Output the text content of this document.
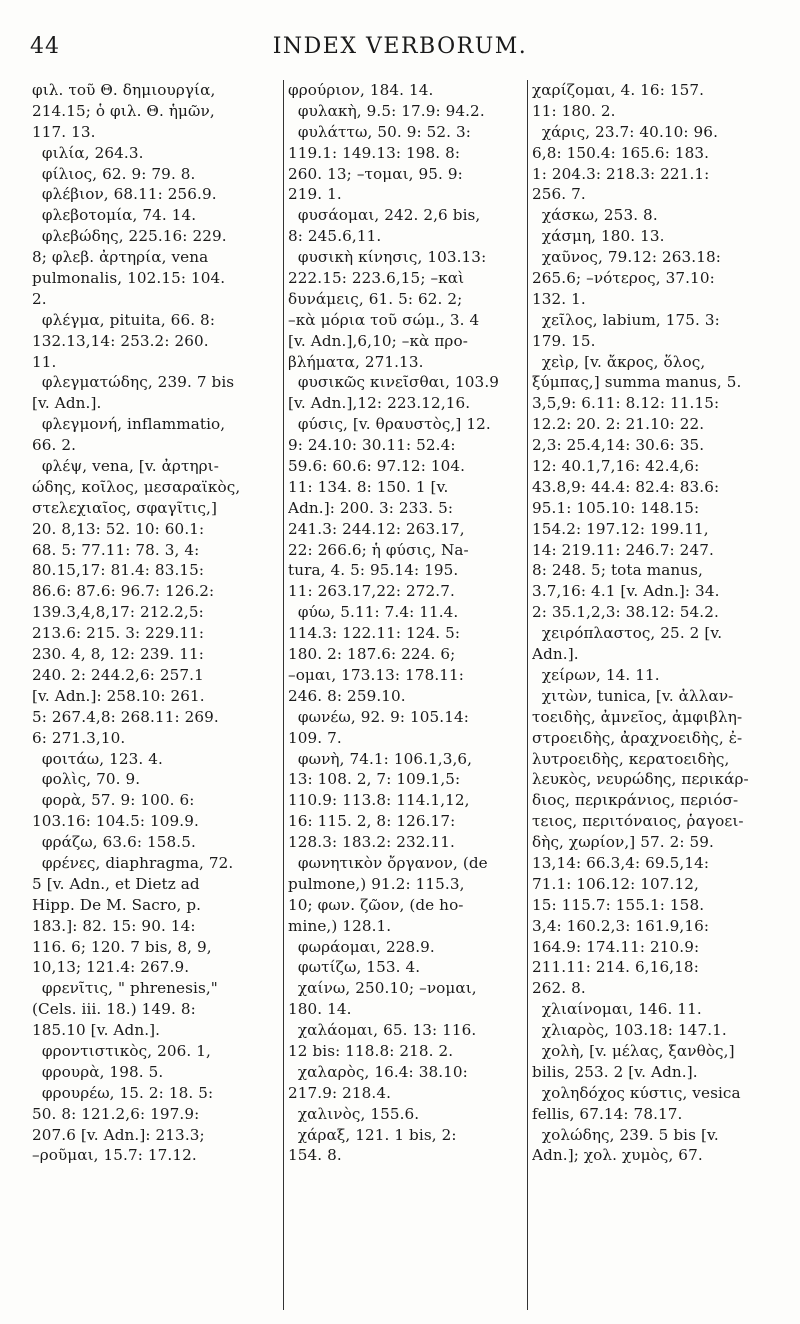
44	INDEX VERBORUM.
φιλ. τοῦ Θ. δημιουργία,
214.15; ὁ φιλ. Θ. ἡμῶν,
117. 13.
φιλία, 264.3.
φίλιος, 62. 9: 79. 8.
φλέβιον, 68.11: 256.9.
φλεβοτομία, 74. 14.
φλεβώδης, 225.16: 229.
8; φλεβ. ἀρτηρία, vena
pulmonalis, 102.15: 104.
2.
φλέγμα, pituita, 66. 8:
132.13,14: 253.2: 260.
11.
φλεγματώδης, 239. 7 bis
[v. Adn.].
φλεγμονή, inflammatio,
66. 2.
φλέψ, vena, [v. ἀρτηρι-
ώδης, κοῖλος, μεσαραϊκὸς,
στελεχιαῖος, σφαγῖτις,]
20. 8,13: 52. 10: 60.1:
68. 5: 77.11: 78. 3, 4:
80.15,17: 81.4: 83.15:
86.6: 87.6: 96.7: 126.2:
139.3,4,8,17: 212.2,5:
213.6: 215. 3: 229.11:
230. 4, 8, 12: 239. 11:
240. 2: 244.2,6: 257.1
[v. Adn.]: 258.10: 261.
5: 267.4,8: 268.11: 269.
6: 271.3,10.
φοιτάω, 123. 4.
φολὶς, 70. 9.
φορὰ, 57. 9: 100. 6:
103.16: 104.5: 109.9.
φράζω, 63.6: 158.5.
φρένες, diaphragma, 72.
5 [v. Adn., et Dietz ad
Hipp. De M. Sacro, p.
183.]: 82. 15: 90. 14:
116. 6; 120. 7 bis, 8, 9,
10,13; 121.4: 267.9.
φρενῖτις, " phrenesis,"
(Cels. iii. 18.) 149. 8:
185.10 [v. Adn.].
φροντιστικὸς, 206. 1,
φρουρὰ, 198. 5.
φρουρέω, 15. 2: 18. 5:
50. 8: 121.2,6: 197.9:
207.6 [v. Adn.]: 213.3;
–ροῦμαι, 15.7: 17.12.
φρούριον, 184. 14.
φυλακὴ, 9.5: 17.9: 94.2.
φυλάττω, 50. 9: 52. 3:
119.1: 149.13: 198. 8:
260. 13; –τομαι, 95. 9:
219. 1.
φυσάομαι, 242. 2,6 bis,
8: 245.6,11.
φυσικὴ κίνησις, 103.13:
222.15: 223.6,15; –καὶ
δυνάμεις, 61. 5: 62. 2;
–κὰ μόρια τοῦ σώμ., 3. 4
[v. Adn.],6,10; –κὰ προ-
βλήματα, 271.13.
φυσικῶς κινεῖσθαι, 103.9
[v. Adn.],12: 223.12,16.
φύσις, [v. θραυστὸς,] 12.
9: 24.10: 30.11: 52.4:
59.6: 60.6: 97.12: 104.
11: 134. 8: 150. 1 [v.
Adn.]: 200. 3: 233. 5:
241.3: 244.12: 263.17,
22: 266.6; ἡ φύσις, Na-
tura, 4. 5: 95.14: 195.
11: 263.17,22: 272.7.
φύω, 5.11: 7.4: 11.4.
114.3: 122.11: 124. 5:
180. 2: 187.6: 224. 6;
–ομαι, 173.13: 178.11:
246. 8: 259.10.
φωνέω, 92. 9: 105.14:
109. 7.
φωνὴ, 74.1: 106.1,3,6,
13: 108. 2, 7: 109.1,5:
110.9: 113.8: 114.1,12,
16: 115. 2, 8: 126.17:
128.3: 183.2: 232.11.
φωνητικὸν ὄργανον, (de
pulmone,) 91.2: 115.3,
10; φων. ζῶον, (de ho-
mine,) 128.1.
φωράομαι, 228.9.
φωτίζω, 153. 4.
χαίνω, 250.10; –νομαι,
180. 14.
χαλάομαι, 65. 13: 116.
12 bis: 118.8: 218. 2.
χαλαρὸς, 16.4: 38.10:
217.9: 218.4.
χαλινὸς, 155.6.
χάραξ, 121. 1 bis, 2:
154. 8.
χαρίζομαι, 4. 16: 157.
11: 180. 2.
χάρις, 23.7: 40.10: 96.
6,8: 150.4: 165.6: 183.
1: 204.3: 218.3: 221.1:
256. 7.
χάσκω, 253. 8.
χάσμη, 180. 13.
χαῦνος, 79.12: 263.18:
265.6; –νότερος, 37.10:
132. 1.
χεῖλος, labium, 175. 3:
179. 15.
χεὶρ, [v. ἄκρος, ὅλος,
ξύμπας,] summa manus, 5.
3,5,9: 6.11: 8.12: 11.15:
12.2: 20. 2: 21.10: 22.
2,3: 25.4,14: 30.6: 35.
12: 40.1,7,16: 42.4,6:
43.8,9: 44.4: 82.4: 83.6:
95.1: 105.10: 148.15:
154.2: 197.12: 199.11,
14: 219.11: 246.7: 247.
8: 248. 5; tota manus,
3.7,16: 4.1 [v. Adn.]: 34.
2: 35.1,2,3: 38.12: 54.2.
χειρόπλαστος, 25. 2 [v.
Adn.].
χείρων, 14. 11.
χιτὼν, tunica, [v. ἀλλαν-
τοειδὴς, ἀμνεῖος, ἀμφιβλη-
στροειδὴς, ἀραχνοειδὴς, ἐ-
λυτροειδὴς, κερατοειδὴς,
λευκὸς, νευρώδης, περικάρ-
διος, περικράνιος, περιόσ-
τειος, περιτόναιος, ῥαγοει-
δὴς, χωρίον,] 57. 2: 59.
13,14: 66.3,4: 69.5,14:
71.1: 106.12: 107.12,
15: 115.7: 155.1: 158.
3,4: 160.2,3: 161.9,16:
164.9: 174.11: 210.9:
211.11: 214. 6,16,18:
262. 8.
χλιαίνομαι, 146. 11.
χλιαρὸς, 103.18: 147.1.
χολὴ, [v. μέλας, ξανθὸς,]
bilis, 253. 2 [v. Adn.].
χοληδόχος κύστις, vesica
fellis, 67.14: 78.17.
χολώδης, 239. 5 bis [v.
Adn.]; χολ. χυμὸς, 67.
